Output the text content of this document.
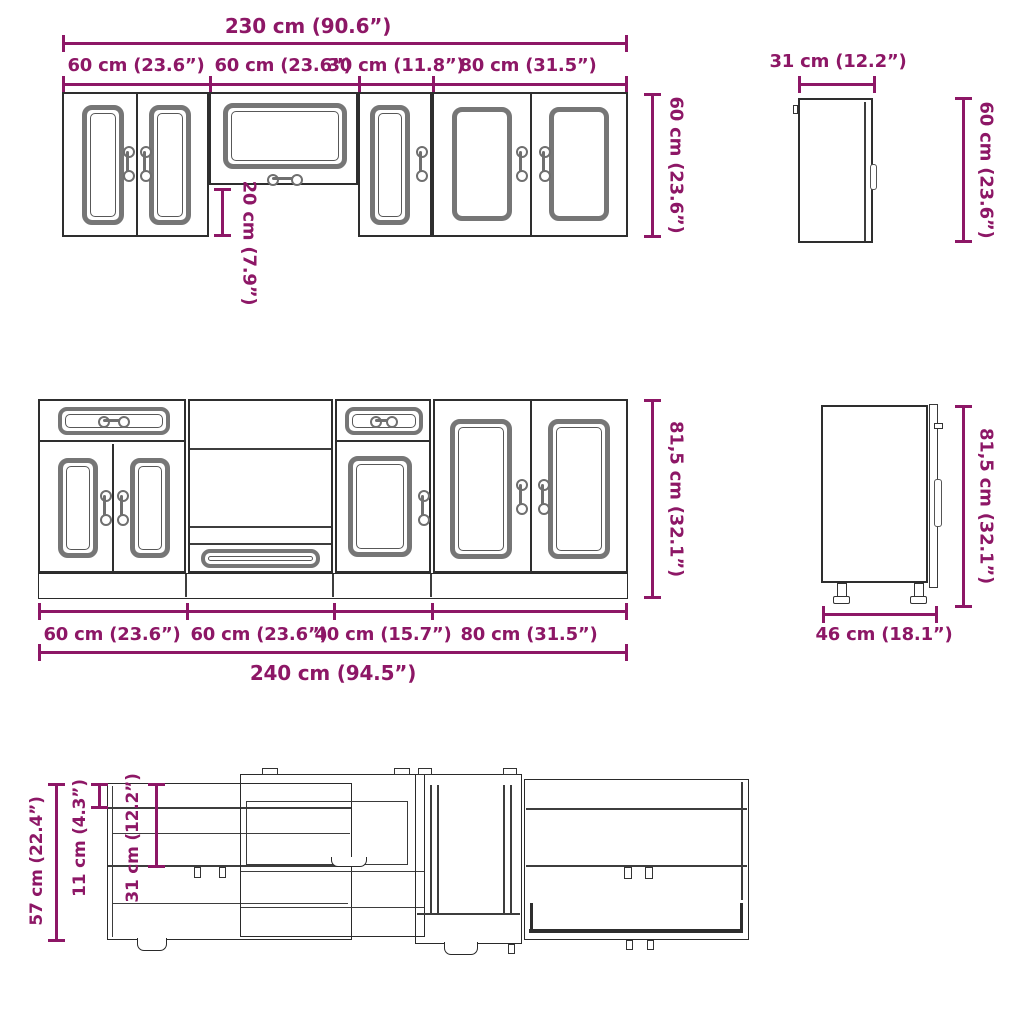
230 cm (90.6”)
60 cm (23.6”) 60 cm (23.6”)
30 cm (11.8”)
80 cm (31.5”)
20 cm (7.9”)
60 cm (23.6”)
31 cm (12.2”)
60 cm (23.6”)
60 cm (23.6”) 60 cm (23.6”)
40 cm (15.7”) 80 cm (31.5”)
240 cm (94.5”)
81,5 cm (32.1”)
46 cm (18.1”)
81,5 cm (32.1”)
57 cm (22.4”) 11 cm (4.3”) 31 cm (12.2”)
